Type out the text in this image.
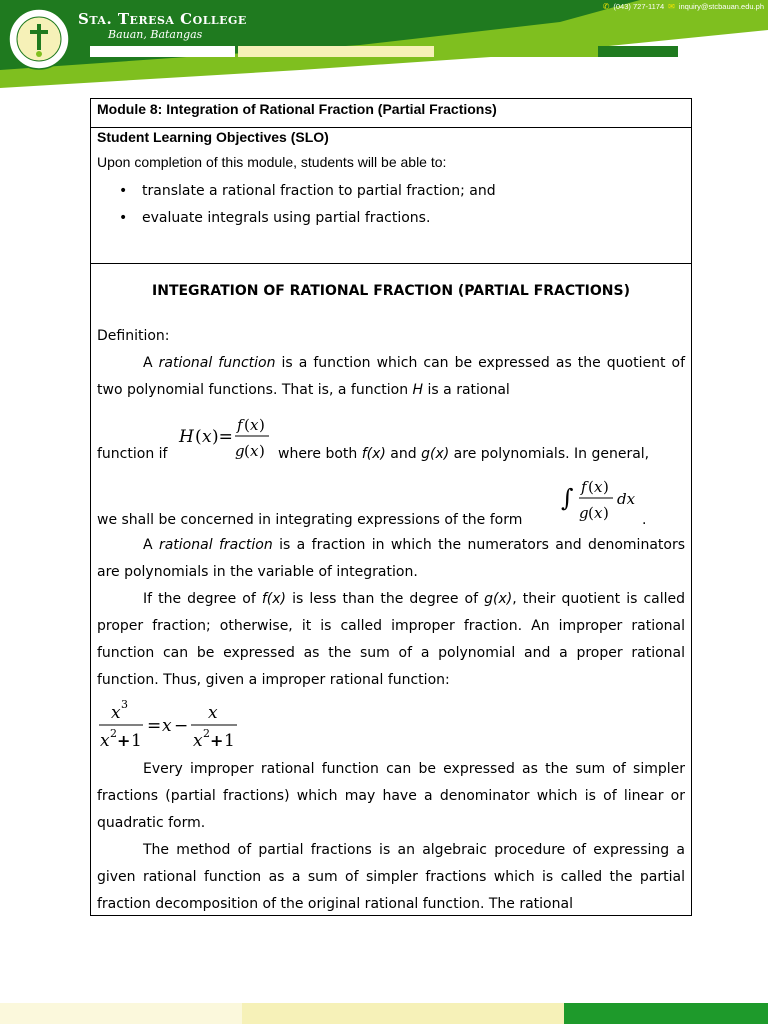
Sta. Teresa College
Bauan, Batangas
✆ (043) 727-1174 ✉ inquiry@stcbauan.edu.ph
Module 8: Integration of Rational Fraction (Partial Fractions)
Student Learning Objectives (SLO)
Upon completion of this module, students will be able to:
• translate a rational fraction to partial fraction; and
• evaluate integrals using partial fractions.
INTEGRATION OF RATIONAL FRACTION (PARTIAL FRACTIONS)
Definition:

A rational function is a function which can be expressed as the quotient of two polynomial functions. That is, a function H is a rational

function if
H ( x )=
f ( x )
g ( x ) where both f(x) and g(x) are polynomials. In general,
we shall be concerned in integrating expressions of the form
∫ f ( x )
g ( x )
dx
.

A rational fraction is a fraction in which the numerators and denominators are polynomials in the variable of integration.

If the degree of f(x) is less than the degree of g(x), their quotient is called proper fraction; otherwise, it is called improper fraction. An improper rational function can be expressed as the sum of a polynomial and a proper rational function. Thus, given a improper rational function:

x 3
x 2 + 1
= x −
x
x 2 + 1

Every improper rational function can be expressed as the sum of simpler fractions (partial fractions) which may have a denominator which is of linear or quadratic form.

The method of partial fractions is an algebraic procedure of expressing a given rational function as a sum of simpler fractions which is called the partial fraction decomposition of the original rational function. The rational
